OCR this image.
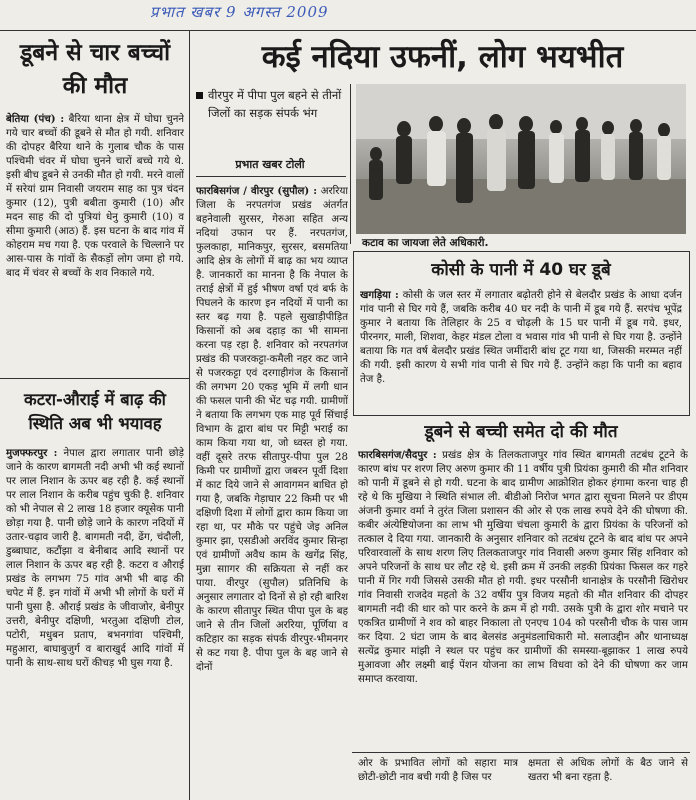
प्रभात खबर 9 अगस्त 2009
डूबने से चार बच्चों की मौत
बेतिया (पंच) : बैरिया थाना क्षेत्र में घोघा चुनने गये चार बच्चों की डूबने से मौत हो गयी. शनिवार की दोपहर बैरिया थाने के गुलाब चौक के पास पश्चिमी चंवर में घोघा चुनने चारों बच्चे गये थे. इसी बीच डूबने से उनकी मौत हो गयी. मरने वालों में सरेयां ग्राम निवासी जयराम साह का पुत्र चंदन कुमार (12), पुत्री बबीता कुमारी (10) और मदन साह की दो पुत्रियां धेनु कुमारी (10) व सीमा कुमारी (आठ) हैं. इस घटना के बाद गांव में कोहराम मच गया है. एक परवाले के चिल्लाने पर आस-पास के गांवों के सैकड़ों लोग जमा हो गये. बाद में चंवर से बच्चों के शव निकाले गये.
कटरा-औराई में बाढ़ की स्थिति अब भी भयावह
मुजफ्फरपुर : नेपाल द्वारा लगातार पानी छोड़े जाने के कारण बागमती नदी अभी भी कई स्थानों पर लाल निशान के ऊपर बह रही है. कई स्थानों पर लाल निशान के करीब पहुंच चुकी है. शनिवार को भी नेपाल से 2 लाख 18 हजार क्यूसेक पानी छोड़ा गया है. पानी छोड़े जाने के कारण नदियों में उतार-चढ़ाव जारी है. बागमती नदी, ढेंग, चंदौली, डुब्बाघाट, कटौंझा व बेनीबाद आदि स्थानों पर लाल निशान के ऊपर बह रही है. कटरा व औराई प्रखंड के लगभग 75 गांव अभी भी बाढ़ की चपेट में हैं. इन गांवों में अभी भी लोगों के घरों में पानी घुसा है. औराई प्रखंड के जीवाजोर, बेनीपुर उत्तरी, बेनीपुर दक्षिणी, भरतुआ दक्षिणी टोल, पटोरी, मधुबन प्रताप, बभनगांवा पश्चिमी, महुआरा, बाघाबुजुर्ग व बाराखुर्द आदि गांवों में पानी के साथ-साथ घरों कीचड़ भी घुस गया है.
कई नदिया उफनीं, लोग भयभीत
वीरपुर में पीपा पुल बहने से तीनों जिलों का सड़क संपर्क भंग
प्रभात खबर टोली
कटाव का जायजा लेते अधिकारी.
फारबिसगंज / वीरपुर (सुपौल) : अररिया जिला के नरपतगंज प्रखंड अंतर्गत बहनेवाली सुरसर, गेरुआ सहित अन्य नदियां उफान पर हैं. नरपतगंज, फुलकाहा, मानिकपुर, सुरसर, बसमतिया आदि क्षेत्र के लोगों में बाढ़ का भय व्याप्त है. जानकारों का मानना है कि नेपाल के तराई क्षेत्रों में हुई भीषण वर्षा एवं बर्फ के पिघलने के कारण इन नदियों में पानी का स्तर बढ़ गया है. पहले सुखाड़ीपीड़ित किसानों को अब दहाड़ का भी सामना करना पड़ रहा है. शनिवार को नरपतगंज प्रखंड की पजरकट्टा-कमैली नहर कट जाने से पजरकट्टा एवं दरगाहीगंज के किसानों की लगभग 20 एकड़ भूमि में लगी धान की फसल पानी की भेंट चढ़ गयी. ग्रामीणों ने बताया कि लगभग एक माह पूर्व सिंचाई विभाग के द्वारा बांध पर मिट्टी भराई का काम किया गया था, जो ध्वस्त हो गया. वहीं दूसरे तरफ सीतापुर-पीपा पुल 28 किमी पर ग्रामीणों द्वारा जबरन पूर्वी दिशा में काट दिये जाने से आवागमन बाधित हो गया है, जबकि गेड़ाघार 22 किमी पर भी दक्षिणी दिशा में लोगों द्वारा काम किया जा रहा था, पर मौके पर पहुंचे जेइ अनिल कुमार झा, एसडीओ अरविंद कुमार सिन्हा एवं ग्रामीणों अवैध काम के खगेंद्र सिंह, मुन्ना साागर की सक्रियता से नहीं कर पाया. वीरपुर (सुपौल) प्रतिनिधि के अनुसार लगातार दो दिनों से हो रही बारिश के कारण सीतापुर स्थित पीपा पुल के बह जाने से तीन जिलों अररिया, पूर्णिया व कटिहार का सड़क संपर्क वीरपुर-भीमनगर से कट गया है. पीपा पुल के बह जाने से दोनों
कोसी के पानी में 40 घर डूबे
खगड़िया : कोसी के जल स्तर में लगातार बढ़ोतरी होने से बेलदौर प्रखंड के आधा दर्जन गांव पानी से घिर गये हैं, जबकि करीब 40 घर नदी के पानी में डूब गये हैं. सरपंच भूपेंद्र कुमार ने बताया कि तेलिहार के 25 व चोढ़ली के 15 घर पानी में डूब गये. इधर, पीरनगर, माली, शिशवा, केहर मंडल टोला व भवास गांव भी पानी से घिर गया है. उन्होंने बताया कि गत वर्ष बेलदौर प्रखंड स्थित जमींदारी बांध टूट गया था, जिसकी मरम्मत नहीं की गयी. इसी कारण ये सभी गांव पानी से घिर गये हैं. उन्होंने कहा कि पानी का बहाव तेज है.
डूबने से बच्ची समेत दो की मौत
फारबिसगंज/सैदपुर : प्रखंड क्षेत्र के तिलकताजपुर गांव स्थित बागमती तटबंध टूटने के कारण बांध पर शरण लिए अरुण कुमार की 11 वर्षीय पुत्री प्रियंका कुमारी की मौत शनिवार को पानी में डूबने से हो गयी. घटना के बाद ग्रामीण आक्रोशित होकर हंगामा करना चाह ही रहे थे कि मुखिया ने स्थिति संभाल ली. बीडीओ निरोज भगत द्वारा सूचना मिलने पर डीएम अंजनी कुमार वर्मा ने तुरंत जिला प्रशासन की ओर से एक लाख रुपये देने की घोषणा की. कबीर अंत्येष्टियोजना का लाभ भी मुखिया चंचला कुमारी के द्वारा प्रियंका के परिजनों को तत्काल दे दिया गया. जानकारी के अनुसार शनिवार को तटबंध टूटने के बाद बांध पर अपने परिवारवालों के साथ शरण लिए तिलकताजपुर गांव निवासी अरुण कुमार सिंह शनिवार को अपने परिजनों के साथ घर लौट रहे थे. इसी क्रम में उनकी लड़की प्रियंका फिसल कर गहरे पानी में गिर गयी जिससे उसकी मौत हो गयी. इधर परसौनी थानाक्षेत्र के परसौनी खिरोधर गांव निवासी राजदेव महतो के 32 वर्षीय पुत्र विजय महतो की मौत शनिवार की दोपहर बागमती नदी की धार को पार करने के क्रम में हो गयी. उसके पुत्री के द्वारा शोर मचाने पर एकत्रित ग्रामीणों ने शव को बाहर निकाला तो एनएच 104 को परसौनी चौक के पास जाम कर दिया. 2 घंटा जाम के बाद बेलसंड अनुमंडलाधिकारी मो. सलाउद्दीन और थानाध्यक्ष सत्येंद्र कुमार मांझी ने स्थल पर पहुंच कर ग्रामीणों की समस्या-बूझाकर 1 लाख रुपये मुआवजा और लक्ष्मी बाई पेंशन योजना का लाभ विधवा को देने की घोषणा कर जाम समाप्त करवाया.
ओर के प्रभावित लोगों को सहारा मात्र छोटी-छोटी नाव बची गयी है जिस पर
क्षमता से अधिक लोगों के बैठ जाने से खतरा भी बना रहता है.
